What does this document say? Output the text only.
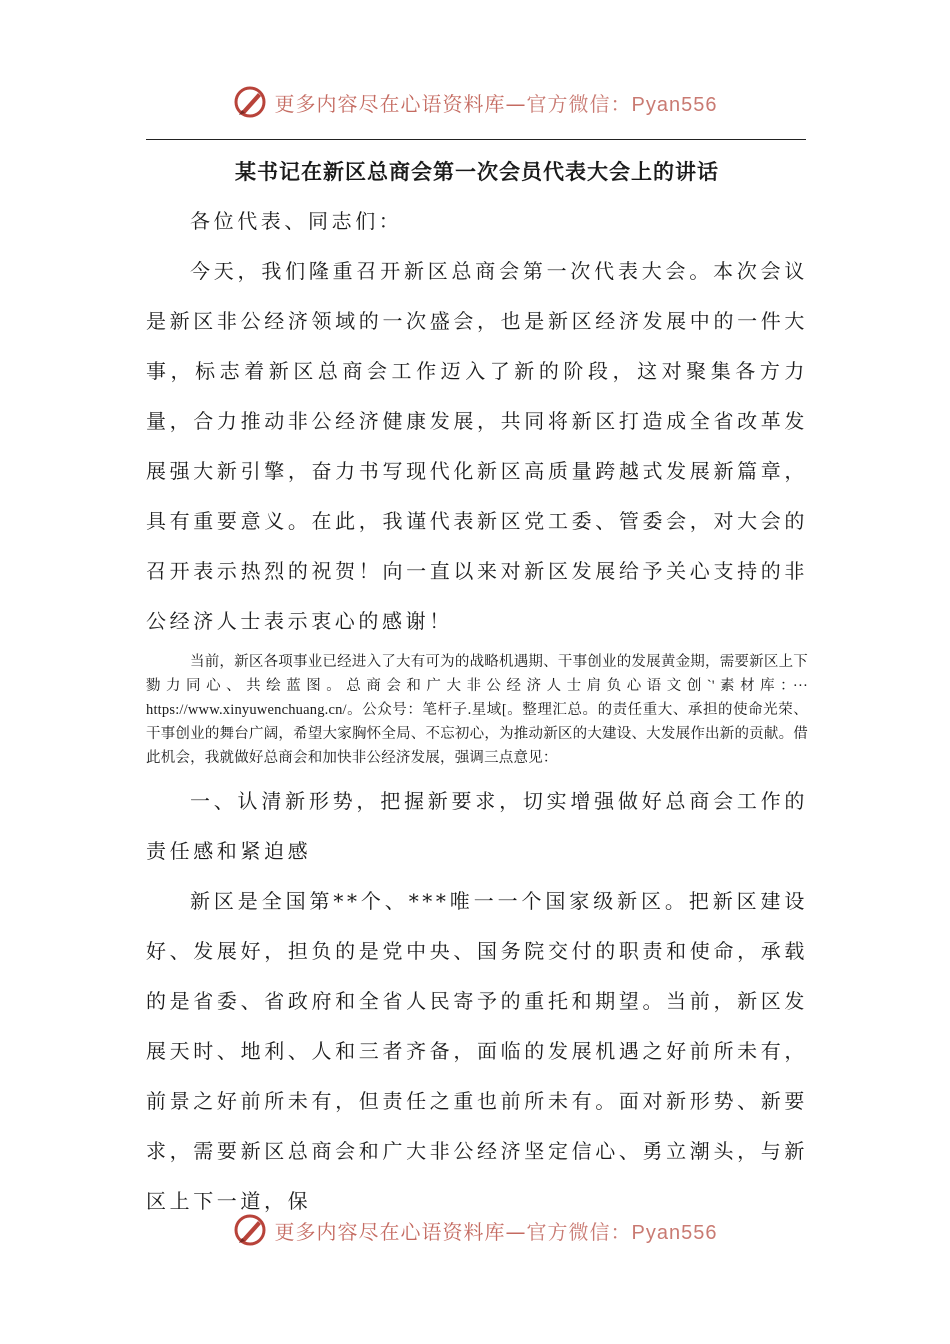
更多内容尽在心语资料库—官方微信：Pyan556
某书记在新区总商会第一次会员代表大会上的讲话

各位代表、同志们：

今天，我们隆重召开新区总商会第一次代表大会。本次会议是新区非公经济领域的一次盛会，也是新区经济发展中的一件大事，标志着新区总商会工作迈入了新的阶段，这对聚集各方力量，合力推动非公经济健康发展，共同将新区打造成全省改革发展强大新引擎，奋力书写现代化新区高质量跨越式发展新篇章，具有重要意义。在此，我谨代表新区党工委、管委会，对大会的召开表示热烈的祝贺！向一直以来对新区发展给予关心支持的非公经济人士表示衷心的感谢！

当前，新区各项事业已经进入了大有可为的战略机遇期、干事创业的发展黄金期，需要新区上下勠力同心、共绘蓝图。总商会和广大非公经济人士肩负心语文创`'素材库：··· https://www.xinyuwenchuang.cn/。公众号：笔杆子.星域[。整理汇总。的责任重大、承担的使命光荣、干事创业的舞台广阔，希望大家胸怀全局、不忘初心，为推动新区的大建设、大发展作出新的贡献。借此机会，我就做好总商会和加快非公经济发展，强调三点意见：

一、认清新形势，把握新要求，切实增强做好总商会工作的责任感和紧迫感

新区是全国第**个、***唯一一个国家级新区。把新区建设好、发展好，担负的是党中央、国务院交付的职责和使命，承载的是省委、省政府和全省人民寄予的重托和期望。当前，新区发展天时、地利、人和三者齐备，面临的发展机遇之好前所未有，前景之好前所未有，但责任之重也前所未有。面对新形势、新要求，需要新区总商会和广大非公经济坚定信心、勇立潮头，与新区上下一道，保

更多内容尽在心语资料库—官方微信：Pyan556
